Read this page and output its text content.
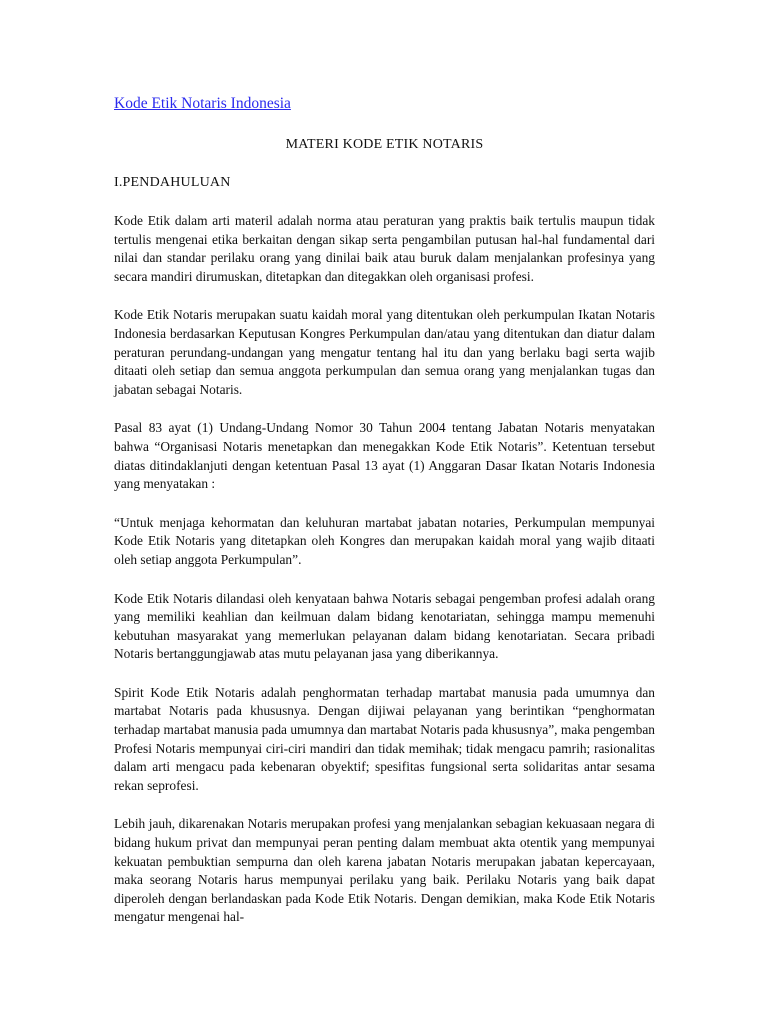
Kode Etik Notaris Indonesia
MATERI KODE ETIK NOTARIS
I.PENDAHULUAN

Kode Etik dalam arti materil adalah norma atau peraturan yang praktis baik tertulis maupun tidak tertulis mengenai etika berkaitan dengan sikap serta pengambilan putusan hal-hal fundamental dari nilai dan standar perilaku orang yang dinilai baik atau buruk dalam menjalankan profesinya yang secara mandiri dirumuskan, ditetapkan dan ditegakkan oleh organisasi profesi.

Kode Etik Notaris merupakan suatu kaidah moral yang ditentukan oleh perkumpulan Ikatan Notaris Indonesia berdasarkan Keputusan Kongres Perkumpulan dan/atau yang ditentukan dan diatur dalam peraturan perundang-undangan yang mengatur tentang hal itu dan yang berlaku bagi serta wajib ditaati oleh setiap dan semua anggota perkumpulan dan semua orang yang menjalankan tugas dan jabatan sebagai Notaris.

Pasal 83 ayat (1) Undang-Undang Nomor 30 Tahun 2004 tentang Jabatan Notaris menyatakan bahwa “Organisasi Notaris menetapkan dan menegakkan Kode Etik Notaris”. Ketentuan tersebut diatas ditindaklanjuti dengan ketentuan Pasal 13 ayat (1) Anggaran Dasar Ikatan Notaris Indonesia yang menyatakan :

“Untuk menjaga kehormatan dan keluhuran martabat jabatan notaries, Perkumpulan mempunyai Kode Etik Notaris yang ditetapkan oleh Kongres dan merupakan kaidah moral yang wajib ditaati oleh setiap anggota Perkumpulan”.

Kode Etik Notaris dilandasi oleh kenyataan bahwa Notaris sebagai pengemban profesi adalah orang yang memiliki keahlian dan keilmuan dalam bidang kenotariatan, sehingga mampu memenuhi kebutuhan masyarakat yang memerlukan pelayanan dalam bidang kenotariatan. Secara pribadi Notaris bertanggungjawab atas mutu pelayanan jasa yang diberikannya.

Spirit Kode Etik Notaris adalah penghormatan terhadap martabat manusia pada umumnya dan martabat Notaris pada khususnya. Dengan dijiwai pelayanan yang berintikan “penghormatan terhadap martabat manusia pada umumnya dan martabat Notaris pada khususnya”, maka pengemban Profesi Notaris mempunyai ciri-ciri mandiri dan tidak memihak; tidak mengacu pamrih; rasionalitas dalam arti mengacu pada kebenaran obyektif; spesifitas fungsional serta solidaritas antar sesama rekan seprofesi.

Lebih jauh, dikarenakan Notaris merupakan profesi yang menjalankan sebagian kekuasaan negara di bidang hukum privat dan mempunyai peran penting dalam membuat akta otentik yang mempunyai kekuatan pembuktian sempurna dan oleh karena jabatan Notaris merupakan jabatan kepercayaan, maka seorang Notaris harus mempunyai perilaku yang baik. Perilaku Notaris yang baik dapat diperoleh dengan berlandaskan pada Kode Etik Notaris. Dengan demikian, maka Kode Etik Notaris mengatur mengenai hal-
